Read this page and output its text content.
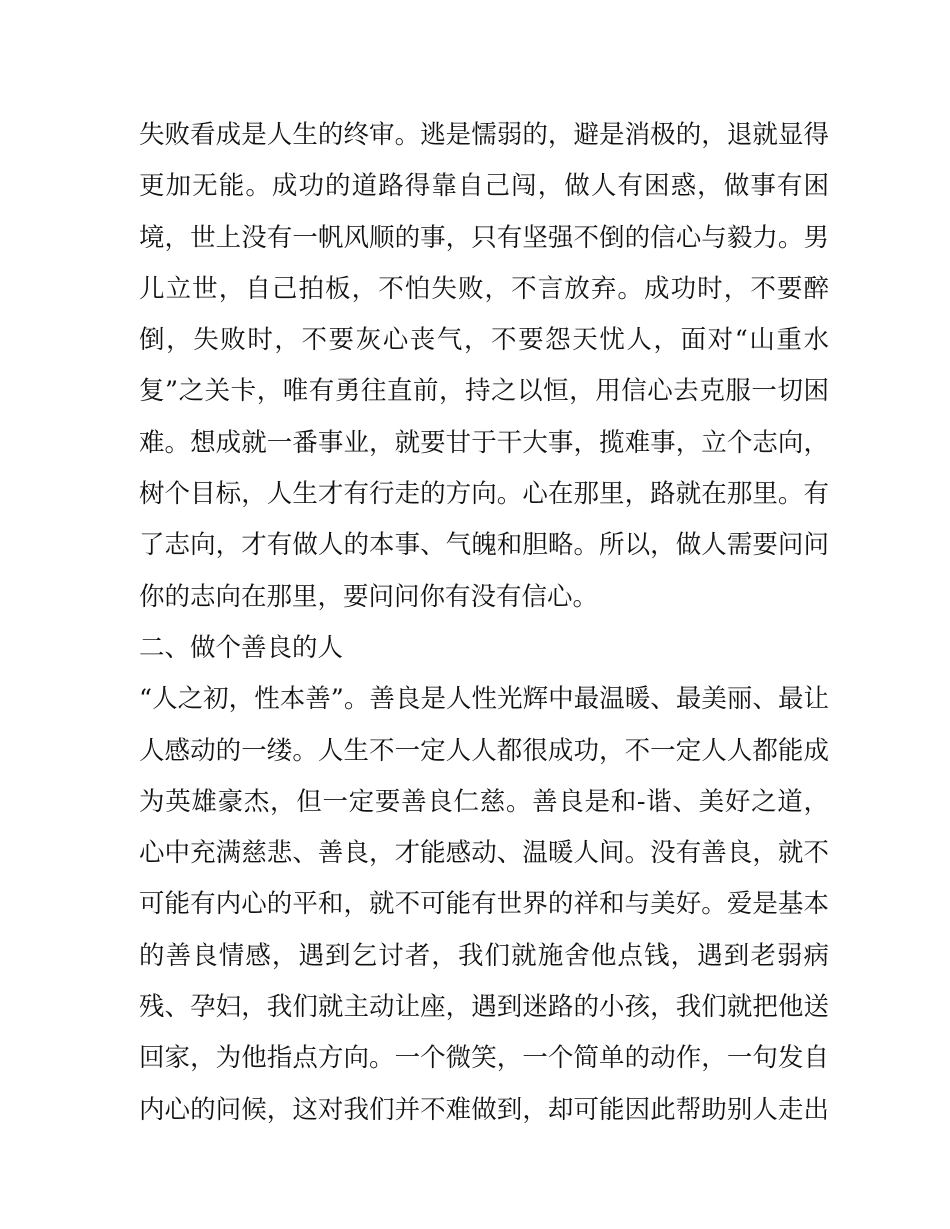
失败看成是人生的终审。逃是懦弱的，避是消极的，退就显得
更加无能。成功的道路得靠自己闯，做人有困惑，做事有困
境，世上没有一帆风顺的事，只有坚强不倒的信心与毅力。男
儿立世，自己拍板，不怕失败，不言放弃。成功时，不要醉
倒，失败时，不要灰心丧气，不要怨天忧人，面对“山重水
复”之关卡，唯有勇往直前，持之以恒，用信心去克服一切困
难。想成就一番事业，就要甘于干大事，揽难事，立个志向，
树个目标，人生才有行走的方向。心在那里，路就在那里。有
了志向，才有做人的本事、气魄和胆略。所以，做人需要问问
你的志向在那里，要问问你有没有信心。
二、做个善良的人
“人之初，性本善”。善良是人性光辉中最温暖、最美丽、最让
人感动的一缕。人生不一定人人都很成功，不一定人人都能成
为英雄豪杰，但一定要善良仁慈。善良是和-谐、美好之道，
心中充满慈悲、善良，才能感动、温暖人间。没有善良，就不
可能有内心的平和，就不可能有世界的祥和与美好。爱是基本
的善良情感，遇到乞讨者，我们就施舍他点钱，遇到老弱病
残、孕妇，我们就主动让座，遇到迷路的小孩，我们就把他送
回家，为他指点方向。一个微笑，一个简单的动作，一句发自
内心的问候，这对我们并不难做到，却可能因此帮助别人走出
